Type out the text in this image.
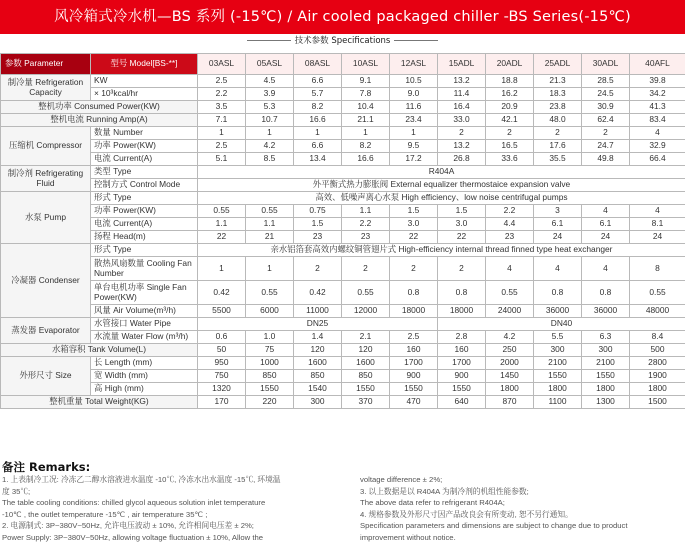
风冷箱式冷水机—BS 系列 (-15℃) / Air cooled packaged chiller -BS Series(-15℃)
技术参数 Specifications
参数 Parameter	型号 Model[BS-**]	03ASL	05ASL	08ASL	10ASL	12ASL	15ADL	20ADL	25ADL	30ADL	40AFL
制冷量 Refrigeration Capacity	KW	2.5	4.5	6.6	9.1	10.5	13.2	18.8	21.3	28.5	39.8
	× 10³kcal/hr	2.2	3.9	5.7	7.8	9.0	11.4	16.2	18.3	24.5	34.2
整机功率 Consumed Power(KW)		3.5	5.3	8.2	10.4	11.6	16.4	20.9	23.8	30.9	41.3
整机电流 Running Amp(A)		7.1	10.7	16.6	21.1	23.4	33.0	42.1	48.0	62.4	83.4
压缩机 Compressor	数量 Number	1	1	1	1	1	2	2	2	2	4
	功率 Power(KW)	2.5	4.2	6.6	8.2	9.5	13.2	16.5	17.6	24.7	32.9
	电流 Current(A)	5.1	8.5	13.4	16.6	17.2	26.8	33.6	35.5	49.8	66.4
制冷剂 Refrigerating Fluid	类型 Type	R404A									
	控制方式 Control Mode	外平衡式热力膨胀阀 External equalizer thermostaice expansion valve									
水泵 Pump	形式 Type	高效、低噪声离心水泵 High efficiency、low noise centrifugal pumps									
	功率 Power(KW)	0.55	0.55	0.75	1.1	1.5	1.5	2.2	3	4	4
	电流 Current(A)	1.1	1.1	1.5	2.2	3.0	3.0	4.4	6.1	6.1	8.1
	扬程 Head(m)	22	21	23	23	22	22	23	24	24	24
冷凝器 Condenser	形式 Type	亲水铝箔套高效内螺纹铜管翅片式 High-efficiency internal thread finned type heat exchanger									
	散热风扇数量 Cooling Fan Number	1	1	2	2	2	2	4	4	4	8
	单台电机功率 Single Fan Power(KW)	0.42	0.55	0.42	0.55	0.8	0.8	0.55	0.8	0.8	0.55
	风量 Air Volume(m³/h)	5500	6000	11000	12000	18000	18000	24000	36000	36000	48000
蒸发器 Evaporator	水管接口 Water Pipe	DN25					DN40				
	水流量 Water Flow (m³/h)	0.6	1.0	1.4	2.1	2.5	2.8	4.2	5.5	6.3	8.4
水箱容积 Tank Volume(L)		50	75	120	120	160	160	250	300	300	500
外形尺寸 Size	长 Length (mm)	950	1000	1600	1600	1700	1700	2000	2100	2100	2800
	宽 Width (mm)	750	850	850	850	900	900	1450	1550	1550	1900
	高 High (mm)	1320	1550	1540	1550	1550	1550	1800	1800	1800	1800
整机重量 Total Weight(KG)		170	220	300	370	470	640	870	1100	1300	1500
备注 Remarks:
1. 上表制冷工况: 冷冻乙二醇水溶液进水温度 -10℃, 冷冻水出水温度 -15℃, 环境温
度 35℃;
The table cooling conditions: chilled glycol aqueous solution inlet temperature
-10℃ , the outlet temperature -15℃ , air temperature 35℃ ;
2. 电源制式: 3P~380V~50Hz, 允许电压波动 ± 10%, 允许相间电压差 ± 2%;
Power Supply: 3P~380V~50Hz, allowing voltage fluctuation ± 10%, Allow the
voltage difference ± 2%;
3. 以上数据是以 R404A 为制冷剂的机组性能参数;
The above data refer to refrigerant R404A;
4. 规格参数及外形尺寸因产品改良会有所变动, 恕不另行通知。
Specification parameters and dimensions are subject to change due to product
improvement without notice.
